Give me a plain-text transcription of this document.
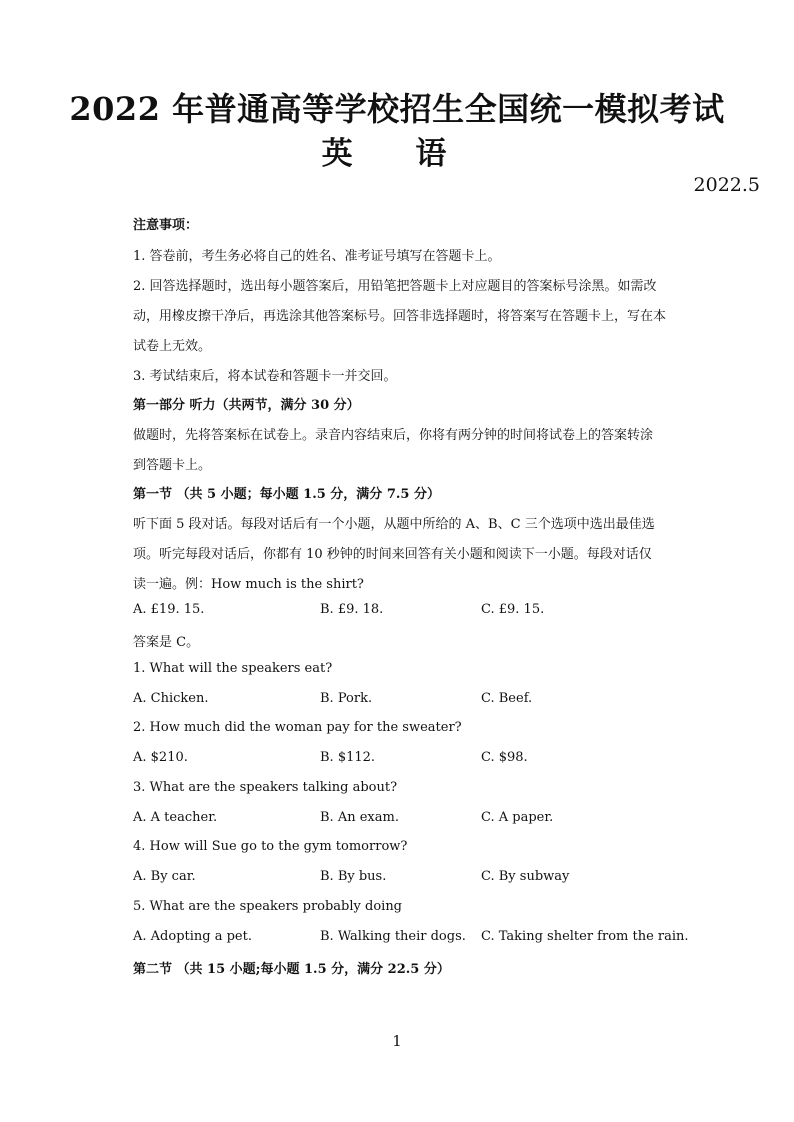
2022 年普通高等学校招生全国统一模拟考试
英 语
2022.5
注意事项：
1. 答卷前，考生务必将自己的姓名、准考证号填写在答题卡上。
2. 回答选择题时，选出每小题答案后，用铅笔把答题卡上对应题目的答案标号涂黑。如需改
动，用橡皮擦干净后，再选涂其他答案标号。回答非选择题时，将答案写在答题卡上，写在本
试卷上无效。
3. 考试结束后，将本试卷和答题卡一并交回。
第一部分 听力（共两节，满分 30 分）
做题时，先将答案标在试卷上。录音内容结束后，你将有两分钟的时间将试卷上的答案转涂
到答题卡上。
第一节 （共 5 小题；每小题 1.5 分，满分 7.5 分）
听下面 5 段对话。每段对话后有一个小题，从题中所给的 A、B、C 三个选项中选出最佳选
项。听完每段对话后，你都有 10 秒钟的时间来回答有关小题和阅读下一小题。每段对话仅
读一遍。例：How much is the shirt?
A. £19. 15.	B. £9. 18.	C. £9. 15.
答案是 C。
1. What will the speakers eat?
A. Chicken.	B. Pork.	C. Beef.
2. How much did the woman pay for the sweater?
A. $210.	B. $112.	C. $98.
3. What are the speakers talking about?
A. A teacher.	B. An exam.	C. A paper.
4. How will Sue go to the gym tomorrow?
A. By car.	B. By bus.	C. By subway
5. What are the speakers probably doing
A. Adopting a pet.	B. Walking their dogs. C. Taking shelter from the rain.
第二节 （共 15 小题;每小题 1.5 分，满分 22.5 分）
1
